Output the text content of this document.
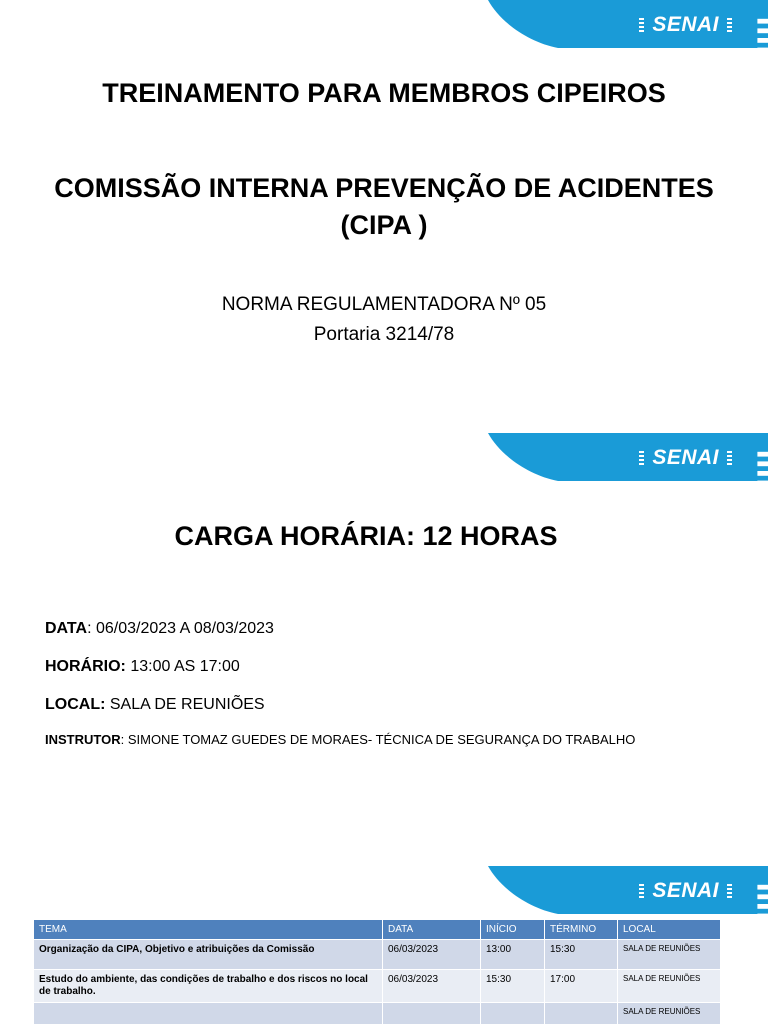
SENAI
TREINAMENTO PARA MEMBROS CIPEIROS
COMISSÃO INTERNA PREVENÇÃO DE ACIDENTES
(CIPA )
NORMA REGULAMENTADORA Nº 05
Portaria 3214/78
SENAI
CARGA HORÁRIA: 12 HORAS
DATA: 06/03/2023 A 08/03/2023
HORÁRIO: 13:00 AS 17:00
LOCAL: SALA DE REUNIÕES
INSTRUTOR: SIMONE TOMAZ GUEDES DE MORAES- TÉCNICA DE SEGURANÇA DO TRABALHO
SENAI
TEMA	DATA	INÍCIO	TÉRMINO	LOCAL
Organização da CIPA, Objetivo e atribuições da Comissão	06/03/2023	13:00	15:30	SALA DE REUNIÕES
Estudo do ambiente, das condições de trabalho e dos riscos no local de trabalho.	06/03/2023	15:30	17:00	SALA DE REUNIÕES
				SALA DE REUNIÕES
